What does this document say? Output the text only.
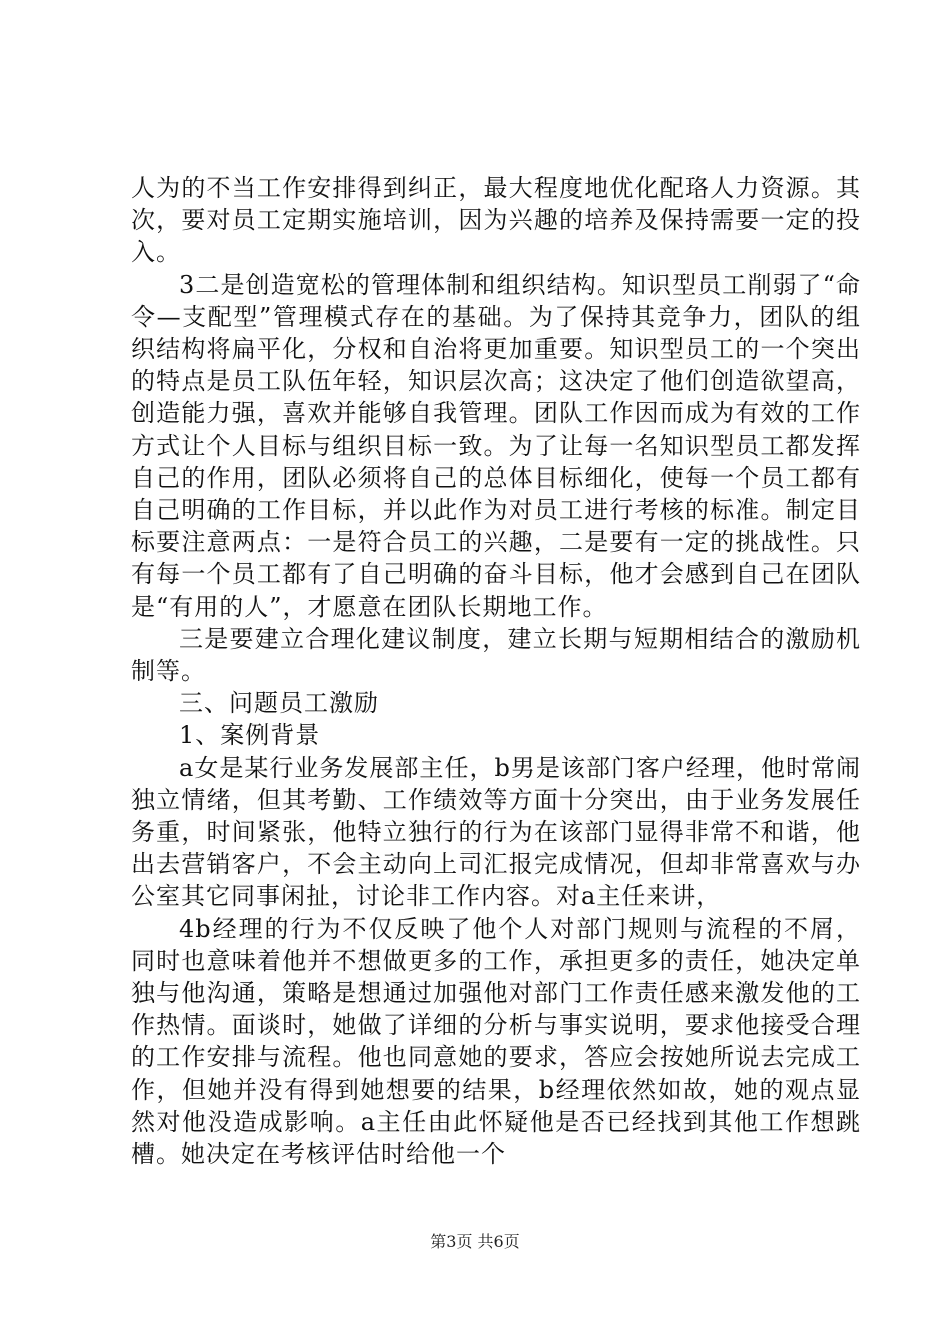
人为的不当工作安排得到纠正，最大程度地优化配珞人力资源。其次，要对员工定期实施培训，因为兴趣的培养及保持需要一定的投入。

3二是创造宽松的管理体制和组织结构。知识型员工削弱了“命令—支配型”管理模式存在的基础。为了保持其竞争力，团队的组织结构将扁平化，分权和自治将更加重要。知识型员工的一个突出的特点是员工队伍年轻，知识层次高；这决定了他们创造欲望高，创造能力强，喜欢并能够自我管理。团队工作因而成为有效的工作方式让个人目标与组织目标一致。为了让每一名知识型员工都发挥自己的作用，团队必须将自己的总体目标细化，使每一个员工都有自己明确的工作目标，并以此作为对员工进行考核的标准。制定目标要注意两点：一是符合员工的兴趣，二是要有一定的挑战性。只有每一个员工都有了自己明确的奋斗目标，他才会感到自己在团队是“有用的人”，才愿意在团队长期地工作。

三是要建立合理化建议制度，建立长期与短期相结合的激励机制等。

三、问题员工激励

1、案例背景

a女是某行业务发展部主任，b男是该部门客户经理，他时常闹独立情绪，但其考勤、工作绩效等方面十分突出，由于业务发展任务重，时间紧张，他特立独行的行为在该部门显得非常不和谐，他出去营销客户，不会主动向上司汇报完成情况，但却非常喜欢与办公室其它同事闲扯，讨论非工作内容。对a主任来讲，

4b经理的行为不仅反映了他个人对部门规则与流程的不屑，同时也意味着他并不想做更多的工作，承担更多的责任，她决定单独与他沟通，策略是想通过加强他对部门工作责任感来激发他的工作热情。面谈时，她做了详细的分析与事实说明，要求他接受合理的工作安排与流程。他也同意她的要求，答应会按她所说去完成工作，但她并没有得到她想要的结果，b经理依然如故，她的观点显然对他没造成影响。a主任由此怀疑他是否已经找到其他工作想跳槽。她决定在考核评估时给他一个

第3页 共6页
